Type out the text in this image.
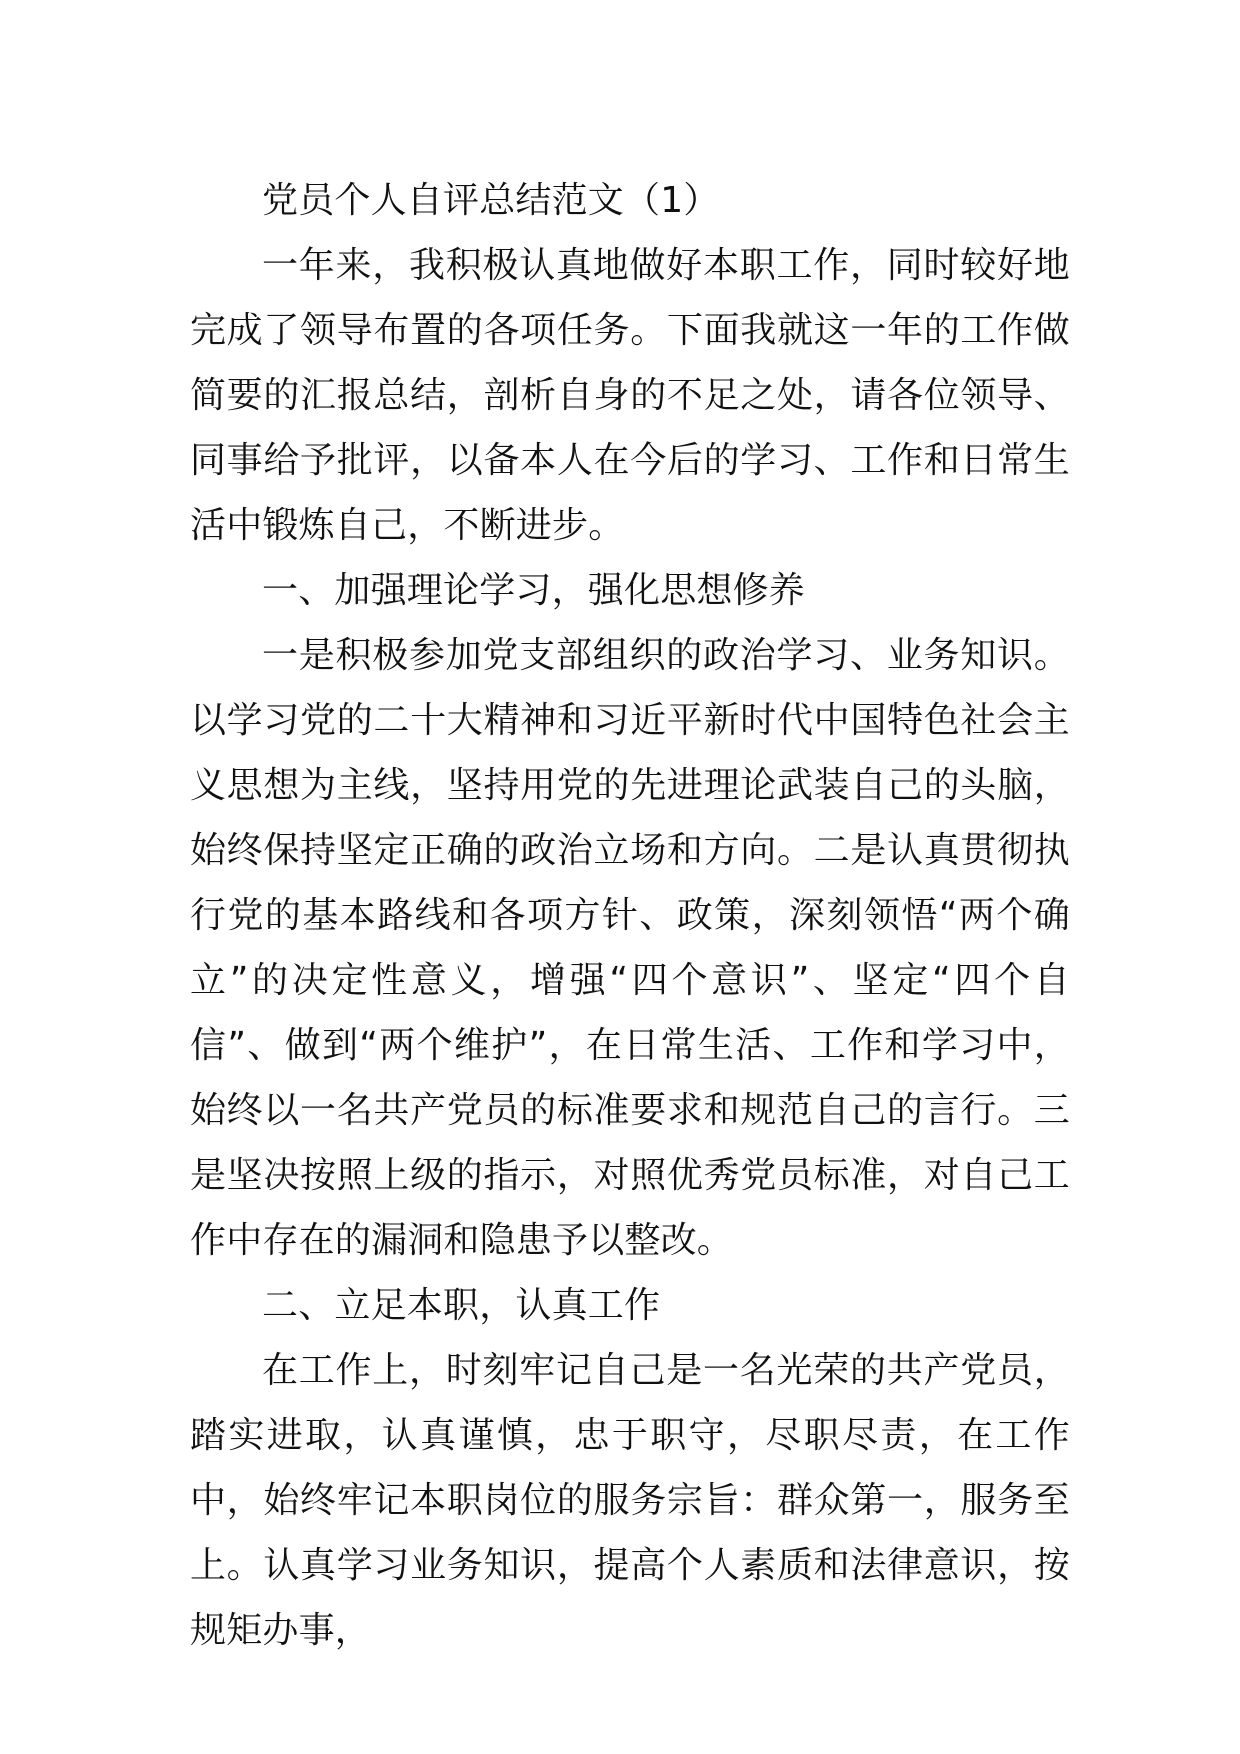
党员个人自评总结范文（1）

一年来，我积极认真地做好本职工作，同时较好地完成了领导布置的各项任务。下面我就这一年的工作做简要的汇报总结，剖析自身的不足之处，请各位领导、同事给予批评，以备本人在今后的学习、工作和日常生活中锻炼自己，不断进步。

一、加强理论学习，强化思想修养

一是积极参加党支部组织的政治学习、业务知识。以学习党的二十大精神和习近平新时代中国特色社会主义思想为主线，坚持用党的先进理论武装自己的头脑，始终保持坚定正确的政治立场和方向。二是认真贯彻执行党的基本路线和各项方针、政策，深刻领悟“两个确立”的决定性意义，增强“四个意识”、坚定“四个自信”、做到“两个维护”，在日常生活、工作和学习中，始终以一名共产党员的标准要求和规范自己的言行。三是坚决按照上级的指示，对照优秀党员标准，对自己工作中存在的漏洞和隐患予以整改。

二、立足本职，认真工作

在工作上，时刻牢记自己是一名光荣的共产党员，踏实进取，认真谨慎，忠于职守，尽职尽责，在工作中，始终牢记本职岗位的服务宗旨：群众第一，服务至上。认真学习业务知识，提高个人素质和法律意识，按规矩办事，
